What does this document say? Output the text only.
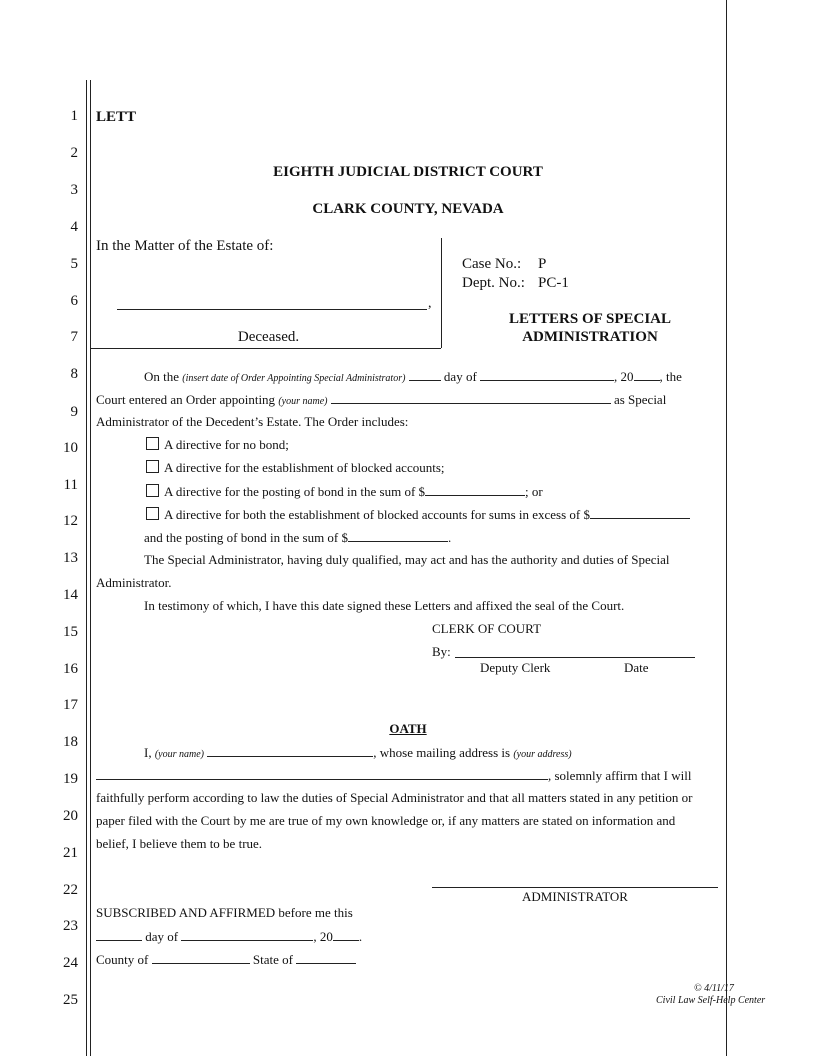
1
2
3
4
5
6
7
8
9
10
11
12
13
14
15
16
17
18
19
20
21
22
23
24
25
LETT
EIGHTH JUDICIAL DISTRICT COURT
CLARK COUNTY, NEVADA
In the Matter of the Estate of:
,
Deceased.
Case No.: P
Dept. No.: PC-1
LETTERS OF SPECIAL
ADMINISTRATION
On the (insert date of Order Appointing Special Administrator)	day of	, 20 , the
Court entered an Order appointing (your name)	as Special
Administrator of the Decedent’s Estate. The Order includes:
A directive for no bond;
A directive for the establishment of blocked accounts;
A directive for the posting of bond in the sum of $	; or
A directive for both the establishment of blocked accounts for sums in excess of $
and the posting of bond in the sum of $	.
The Special Administrator, having duly qualified, may act and has the authority and duties of Special
Administrator.
In testimony of which, I have this date signed these Letters and affixed the seal of the Court.
CLERK OF COURT
By:
Deputy Clerk	Date
OATH
I, (your name)	, whose mailing address is (your address)
, solemnly affirm that I will
faithfully perform according to law the duties of Special Administrator and that all matters stated in any petition or
paper filed with the Court by me are true of my own knowledge or, if any matters are stated on information and
belief, I believe them to be true.
ADMINISTRATOR
SUBSCRIBED AND AFFIRMED before me this
day of	, 20 .
County of	State of
© 4/11/17
Civil Law Self-Help Center
